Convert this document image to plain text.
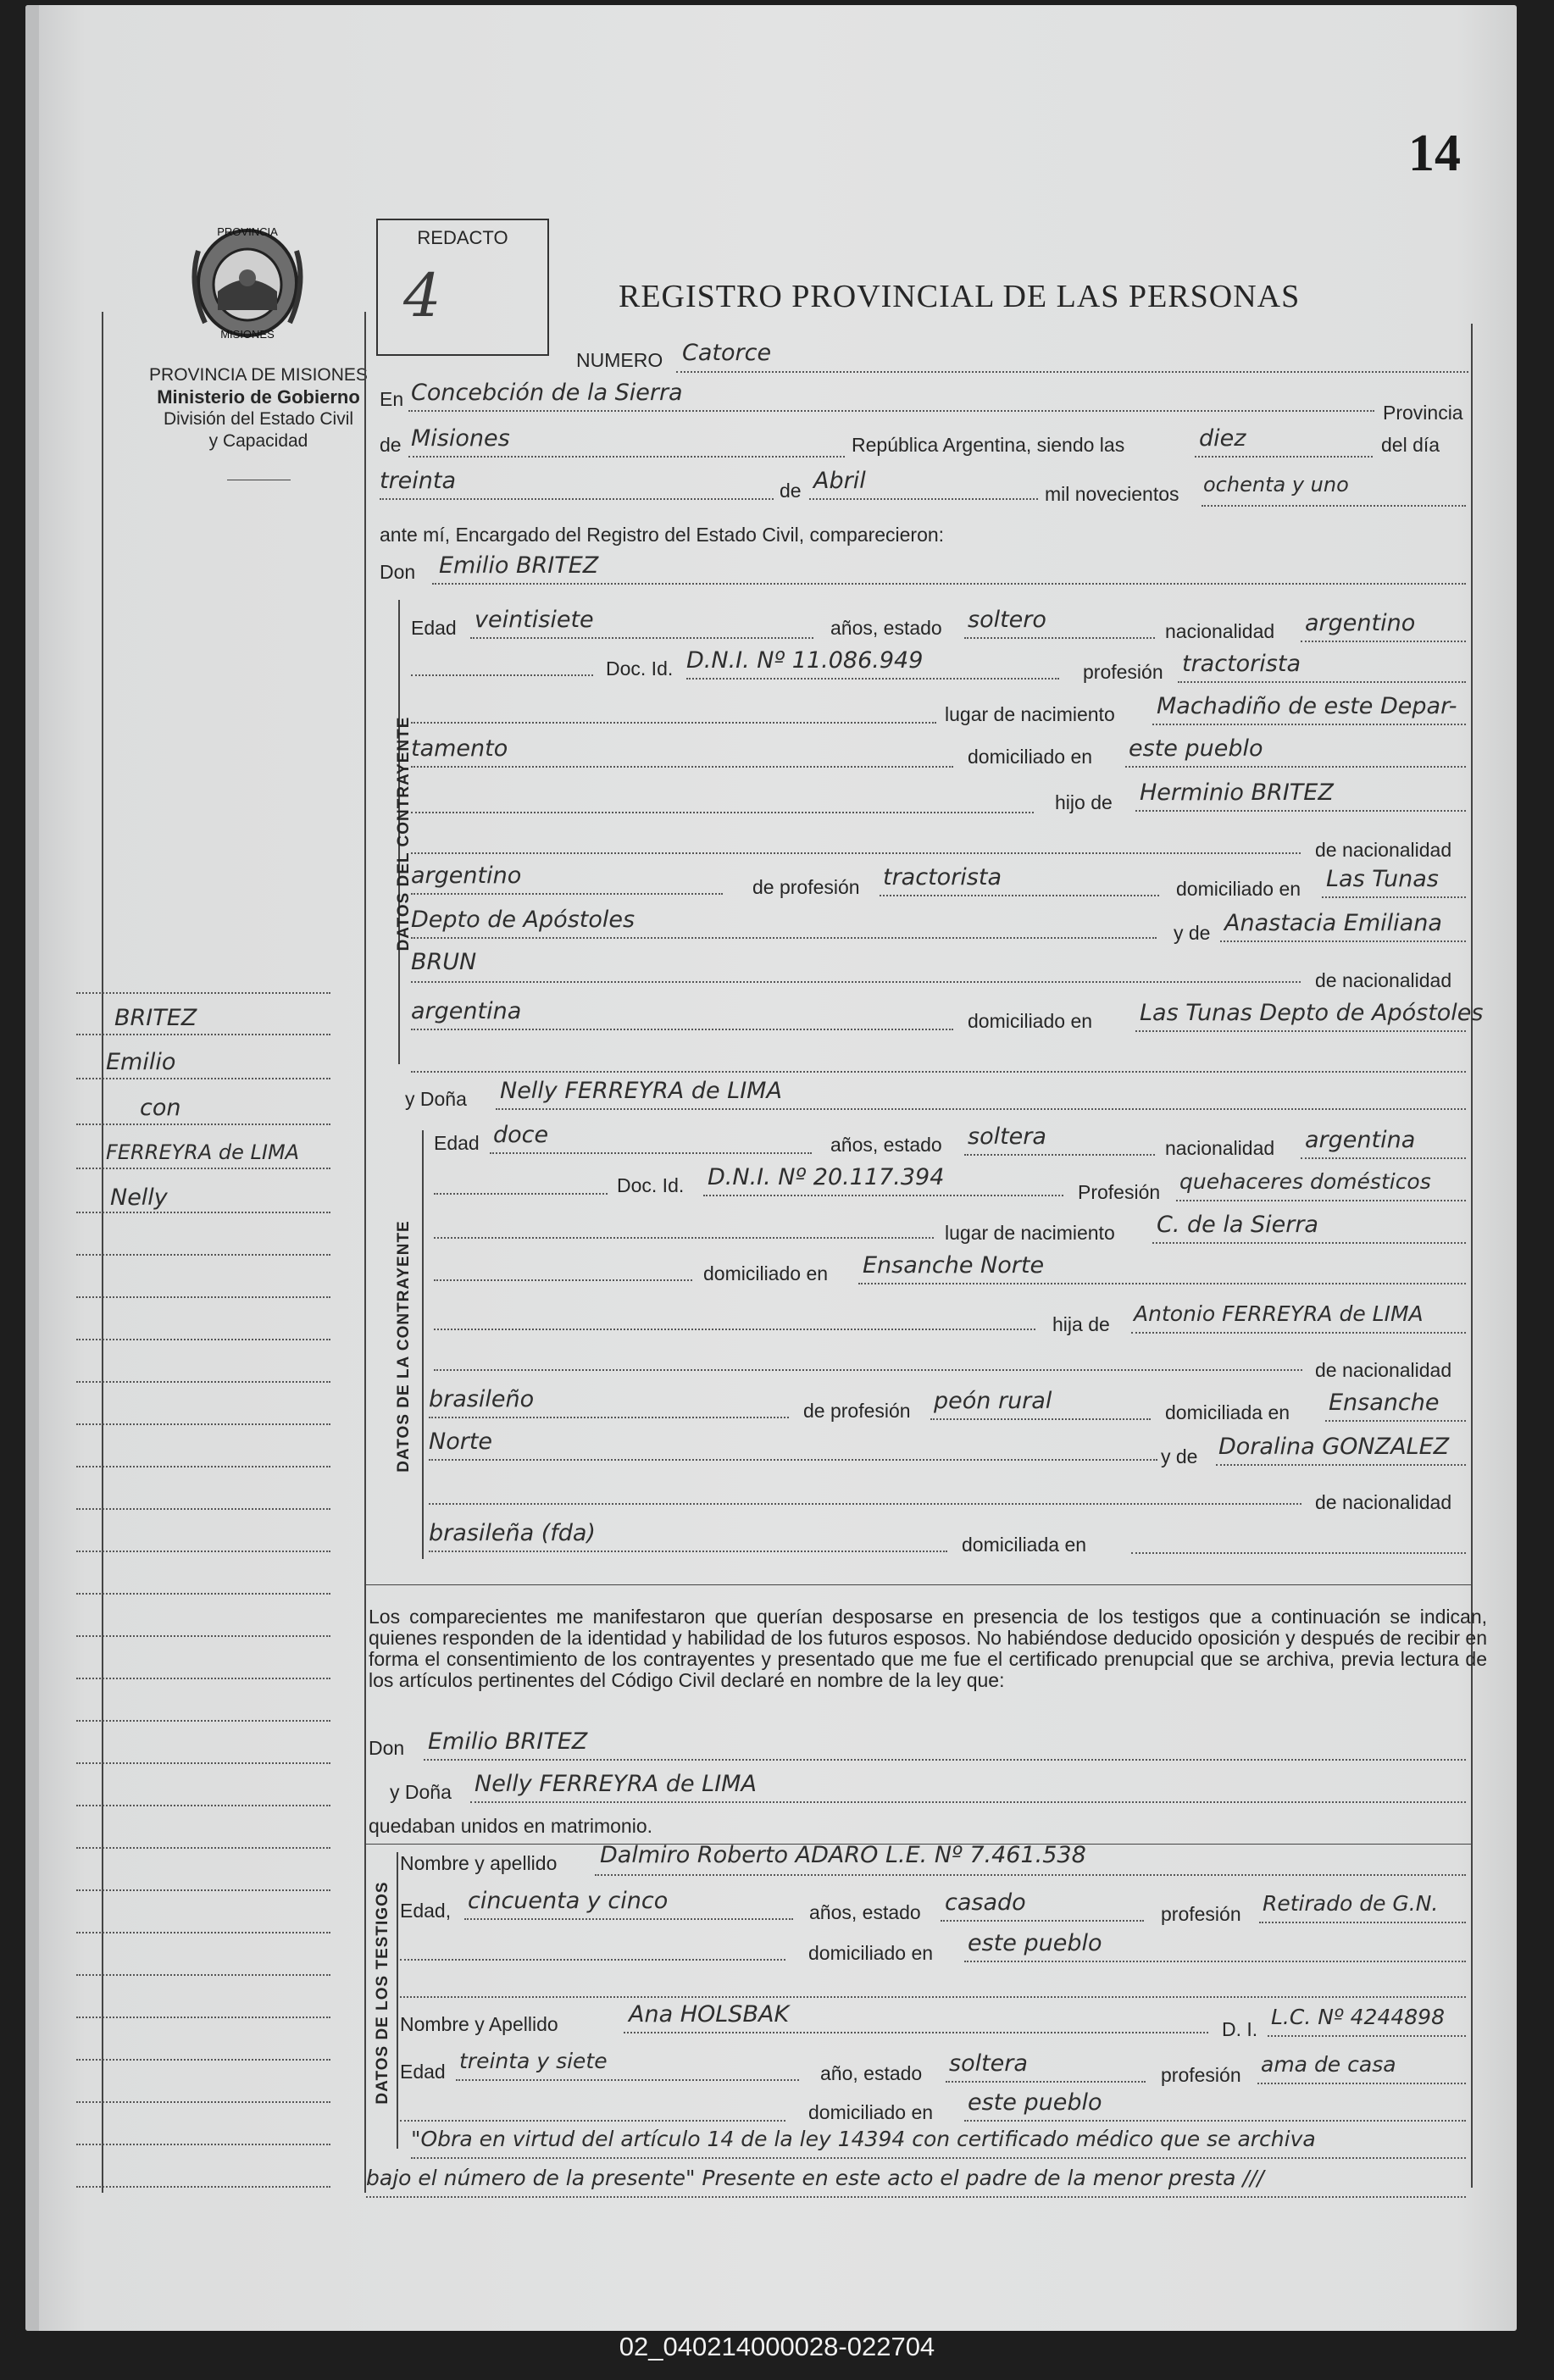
14
PROVINCIA
MISIONES
PROVINCIA DE MISIONES
Ministerio de Gobierno
División del Estado Civil
y Capacidad
REDACTO
4	REGISTRO PROVINCIAL DE LAS PERSONAS
NUMERO Catorce
En Concebción de la Sierra
Provincia
de Misiones	República Argentina, siendo las	diez	del día
treinta	de Abril	mil novecientos ochenta y uno
ante mí, Encargado del Registro del Estado Civil, comparecieron:
Don Emilio BRITEZ
DATOS DEL CONTRAYENTE
Edad veintisiete	años, estado soltero	nacionalidad argentino
Doc. Id. D.N.I. Nº 11.086.949	profesión tractorista
lugar de nacimiento Machadiño de este Depar-
tamento	domiciliado en este pueblo
hijo de Herminio BRITEZ
de nacionalidad
argentino	de profesión tractorista	domiciliado en Las Tunas
Depto de Apóstoles	y de Anastacia Emiliana
BRUN
de nacionalidad
argentina	domiciliado en Las Tunas Depto de Apóstoles
y Doña Nelly FERREYRA de LIMA
DATOS DE LA CONTRAYENTE
Edad doce	años, estado soltera	nacionalidad argentina
Doc. Id. D.N.I. Nº 20.117.394
Profesión quehaceres domésticos
lugar de nacimiento C. de la Sierra
domiciliado en Ensanche Norte
hija de Antonio FERREYRA de LIMA
de nacionalidad
brasileño	de profesión peón rural	domiciliada en Ensanche
Norte
y de Doralina GONZALEZ
de nacionalidad
brasileña (fda)	domiciliada en
Los comparecientes me manifestaron que querían desposarse en presencia de los testigos que a continuación se indican, quienes responden de la identidad y habilidad de los futuros esposos. No habiéndose deducido oposición y después de recibir en forma el consentimiento de los contrayentes y presentado que me fue el certificado prenupcial que se archiva, previa lectura de los artículos pertinentes del Código Civil declaré en nombre de la ley que:
Don Emilio BRITEZ
y Doña Nelly FERREYRA de LIMA
quedaban unidos en matrimonio.
DATOS DE LOS TESTIGOS
Nombre y apellido Dalmiro Roberto ADARO L.E. Nº 7.461.538
Edad, cincuenta y cinco	años, estado casado	profesión Retirado de G.N.
domiciliado en este pueblo
Nombre y Apellido	Ana HOLSBAK
D. I. L.C. Nº 4244898
Edad treinta y siete	año, estado soltera	profesión ama de casa
domiciliado en este pueblo
"Obra en virtud del artículo 14 de la ley 14394 con certificado médico que se archiva
bajo el número de la presente" Presente en este acto el padre de la menor presta ///
BRITEZ
Emilio
con
FERREYRA de LIMA
Nelly
02_040214000028-022704
